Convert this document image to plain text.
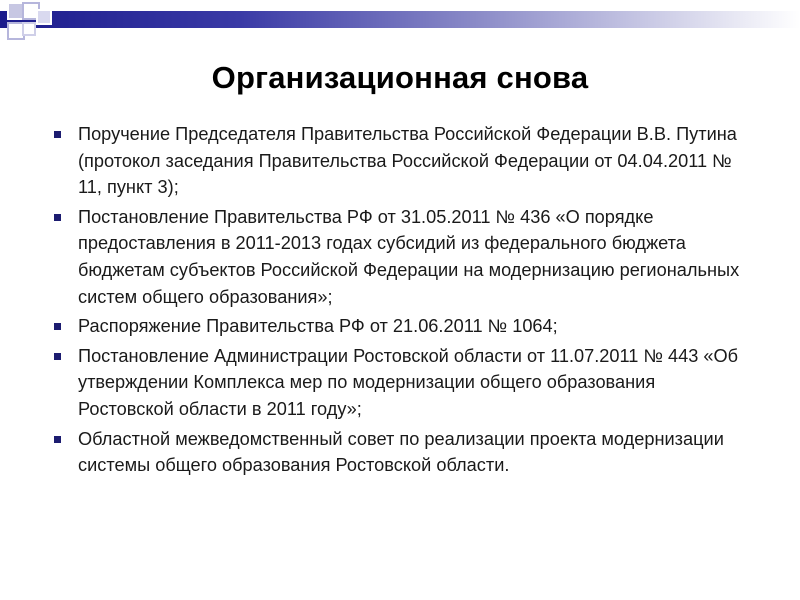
Организационная снова
Поручение Председателя Правительства Российской Федерации В.В. Путина (протокол заседания Правительства Российской Федерации от 04.04.2011 № 11, пункт 3);
Постановление Правительства РФ от 31.05.2011 № 436 «О порядке предоставления в 2011-2013 годах субсидий из федерального бюджета бюджетам субъектов Российской Федерации на модернизацию региональных систем общего образования»;
Распоряжение Правительства РФ от 21.06.2011 № 1064;
Постановление Администрации Ростовской области от 11.07.2011 № 443 «Об утверждении Комплекса мер по модернизации общего образования Ростовской области в 2011 году»;
Областной межведомственный совет по реализации проекта модернизации системы общего образования Ростовской области.
